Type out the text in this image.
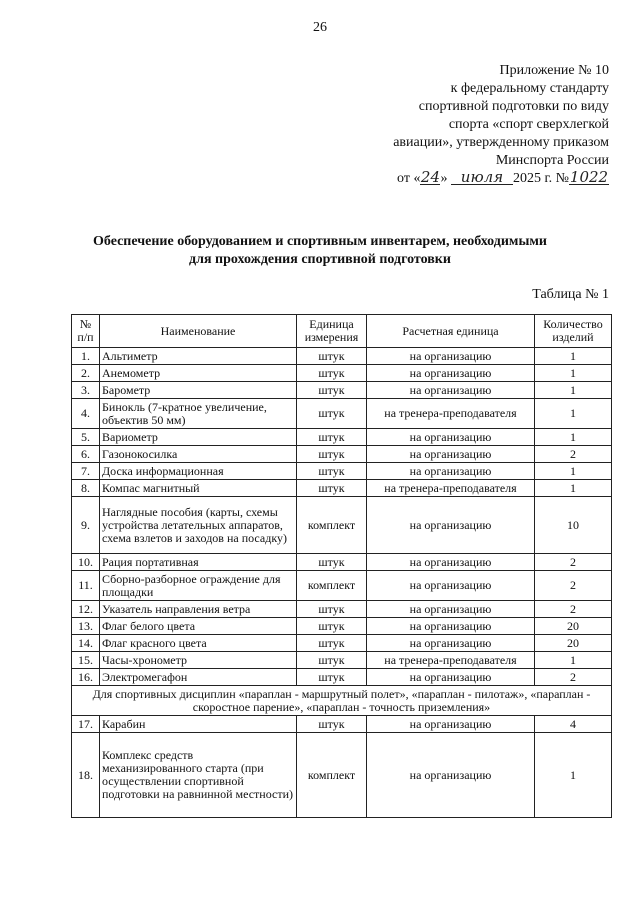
26
Приложение № 10
к федеральному стандарту
спортивной подготовки по виду
спорта «спорт сверхлегкой
авиации», утвержденному приказом
Минспорта России
от «24» июля 2025 г. №1022
Обеспечение оборудованием и спортивным инвентарем, необходимыми
для прохождения спортивной подготовки
Таблица № 1
№ п/п	Наименование	Единица измерения	Расчетная единица	Количество изделий
1.	Альтиметр	штук	на организацию	1
2.	Анемометр	штук	на организацию	1
3.	Барометр	штук	на организацию	1
4.	Бинокль (7-кратное увеличение, объектив 50 мм)	штук	на тренера-преподавателя	1
5.	Вариометр	штук	на организацию	1
6.	Газонокосилка	штук	на организацию	2
7.	Доска информационная	штук	на организацию	1
8.	Компас магнитный	штук	на тренера-преподавателя	1
9.	Наглядные пособия (карты, схемы устройства летательных аппаратов, схема взлетов и заходов на посадку)	комплект	на организацию	10
10.	Рация портативная	штук	на организацию	2
11.	Сборно-разборное ограждение для площадки	комплект	на организацию	2
12.	Указатель направления ветра	штук	на организацию	2
13.	Флаг белого цвета	штук	на организацию	20
14.	Флаг красного цвета	штук	на организацию	20
15.	Часы-хронометр	штук	на тренера-преподавателя	1
16.	Электромегафон	штук	на организацию	2
Для спортивных дисциплин «параплан - маршрутный полет», «параплан - пилотаж», «параплан - скоростное парение», «параплан - точность приземления»				
17.	Карабин	штук	на организацию	4
18.	Комплекс средств механизированного старта (при осуществлении спортивной подготовки на равнинной местности)	комплект	на организацию	1
